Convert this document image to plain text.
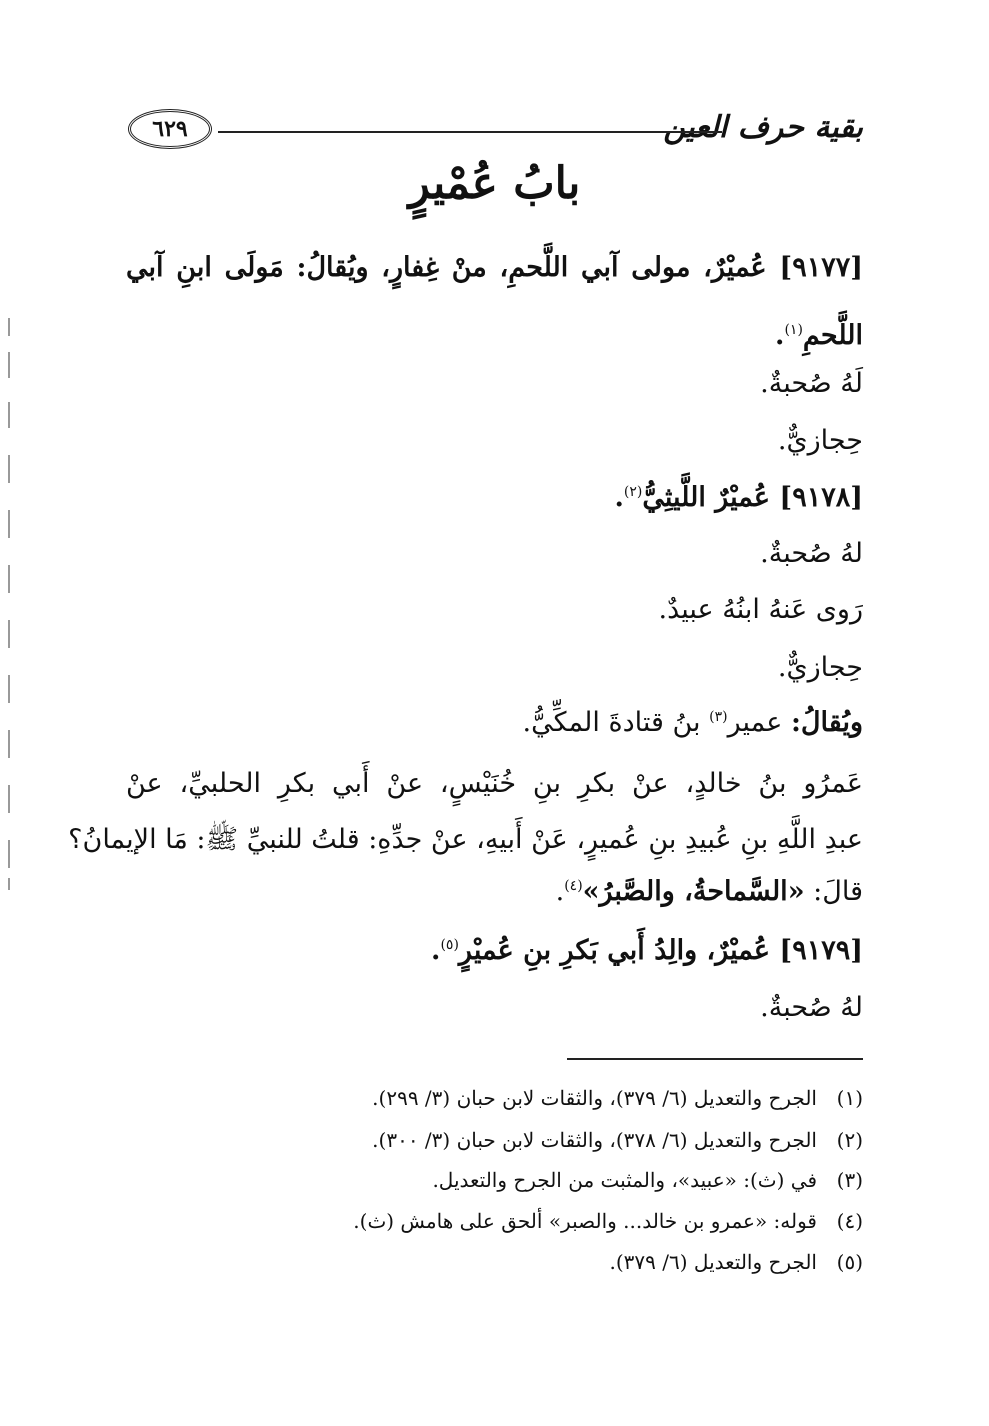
بقية حرف العين
٦٢٩
بابُ عُمْيرٍ
[٩١٧٧] عُميْرٌ، مولى آبي اللَّحمِ، منْ غِفارٍ، ويُقالُ: مَولَى ابنِ آبي
اللَّحمِ$^{(١)}$.
لَهُ صُحبةٌ.
حِجازيٌّ.
[٩١٧٨] عُميْرٌ اللَّيثِيُّ$^{(٢)}$.
لهُ صُحبةٌ.
رَوى عَنهُ ابنُهُ عبيدٌ.
حِجازيٌّ.
ويُقالُ: عمير$^{(٣)}$ بنُ قتادةَ المكِّيُّ.
عَمرُو بنُ خالدٍ، عنْ بكرِ بنِ خُنَيْسٍ، عنْ أَبي بكرِ الحلبيِّ، عنْ
عبدِ اللَّهِ بنِ عُبيدِ بنِ عُميرٍ، عَنْ أَبيهِ، عنْ جدِّهِ: قلتُ للنبيِّ ﷺ: مَا الإيمانُ؟
قالَ: «السَّماحةُ، والصَّبرُ»$^{(٤)}$.
[٩١٧٩] عُميْرٌ، والِدُ أَبي بَكرِ بنِ عُميْرٍ$^{(٥)}$.
لهُ صُحبةٌ.
(١)الجرح والتعديل (٦/ ٣٧٩)، والثقات لابن حبان (٣/ ٢٩٩).
(٢)الجرح والتعديل (٦/ ٣٧٨)، والثقات لابن حبان (٣/ ٣٠٠).
(٣)في (ث): «عبيد»، والمثبت من الجرح والتعديل.
(٤)قوله: «عمرو بن خالد... والصبر» ألحق على هامش (ث).
(٥)الجرح والتعديل (٦/ ٣٧٩).
